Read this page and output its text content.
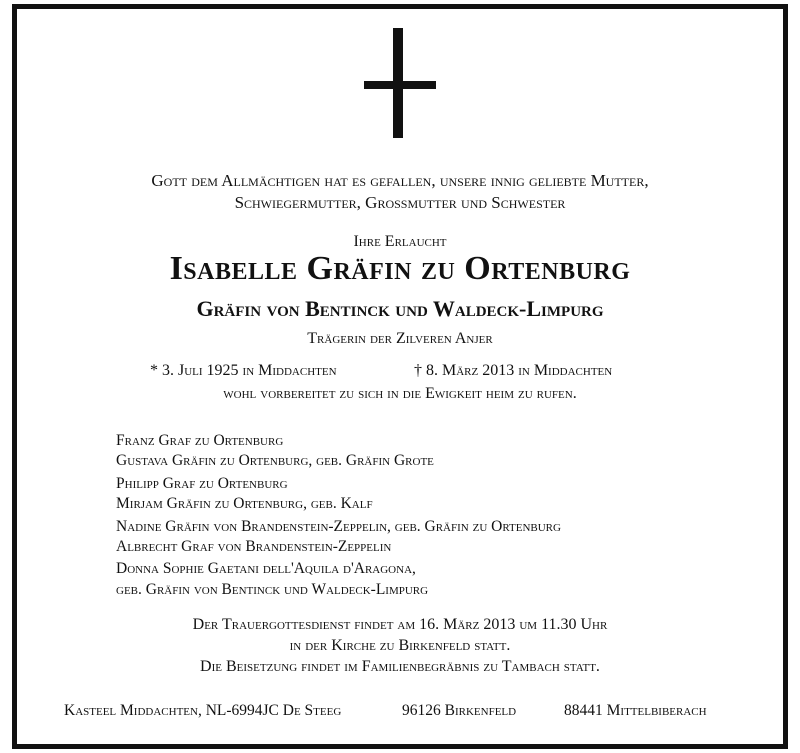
Gott dem Allmächtigen hat es gefallen, unsere innig geliebte Mutter,
Schwiegermutter, Grossmutter und Schwester
Ihre Erlaucht
Isabelle Gräfin zu Ortenburg
Gräfin von Bentinck und Waldeck-Limpurg
Trägerin der Zilveren Anjer
* 3. Juli 1925 in Middachten	† 8. März 2013 in Middachten
wohl vorbereitet zu sich in die Ewigkeit heim zu rufen.
Franz Graf zu Ortenburg
Gustava Gräfin zu Ortenburg, geb. Gräfin Grote
Philipp Graf zu Ortenburg
Mirjam Gräfin zu Ortenburg, geb. Kalf
Nadine Gräfin von Brandenstein-Zeppelin, geb. Gräfin zu Ortenburg
Albrecht Graf von Brandenstein-Zeppelin
Donna Sophie Gaetani dell'Aquila d'Aragona,
geb. Gräfin von Bentinck und Waldeck-Limpurg
Der Trauergottesdienst findet am 16. März 2013 um 11.30 Uhr
in der Kirche zu Birkenfeld statt.
Die Beisetzung findet im Familienbegräbnis zu Tambach statt.
Kasteel Middachten, NL-6994JC De Steeg	96126 Birkenfeld	88441 Mittelbiberach
